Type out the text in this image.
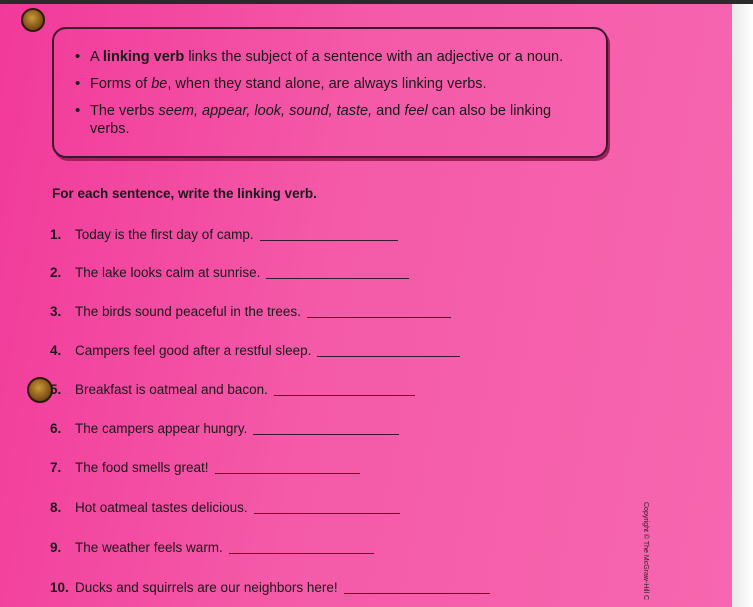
• A linking verb links the subject of a sentence with an adjective or a noun.
• Forms of be, when they stand alone, are always linking verbs.
• The verbs seem, appear, look, sound, taste, and feel can also be linking verbs.
For each sentence, write the linking verb.
1.	Today is the first day of camp.
2.	The lake looks calm at sunrise.
3.	The birds sound peaceful in the trees.
4.	Campers feel good after a restful sleep.
5.	Breakfast is oatmeal and bacon.
6.	The campers appear hungry.
7.	The food smells great!
8.	Hot oatmeal tastes delicious.
9.	The weather feels warm.
10. Ducks and squirrels are our neighbors here!	Copyright © The McGraw-Hill C
